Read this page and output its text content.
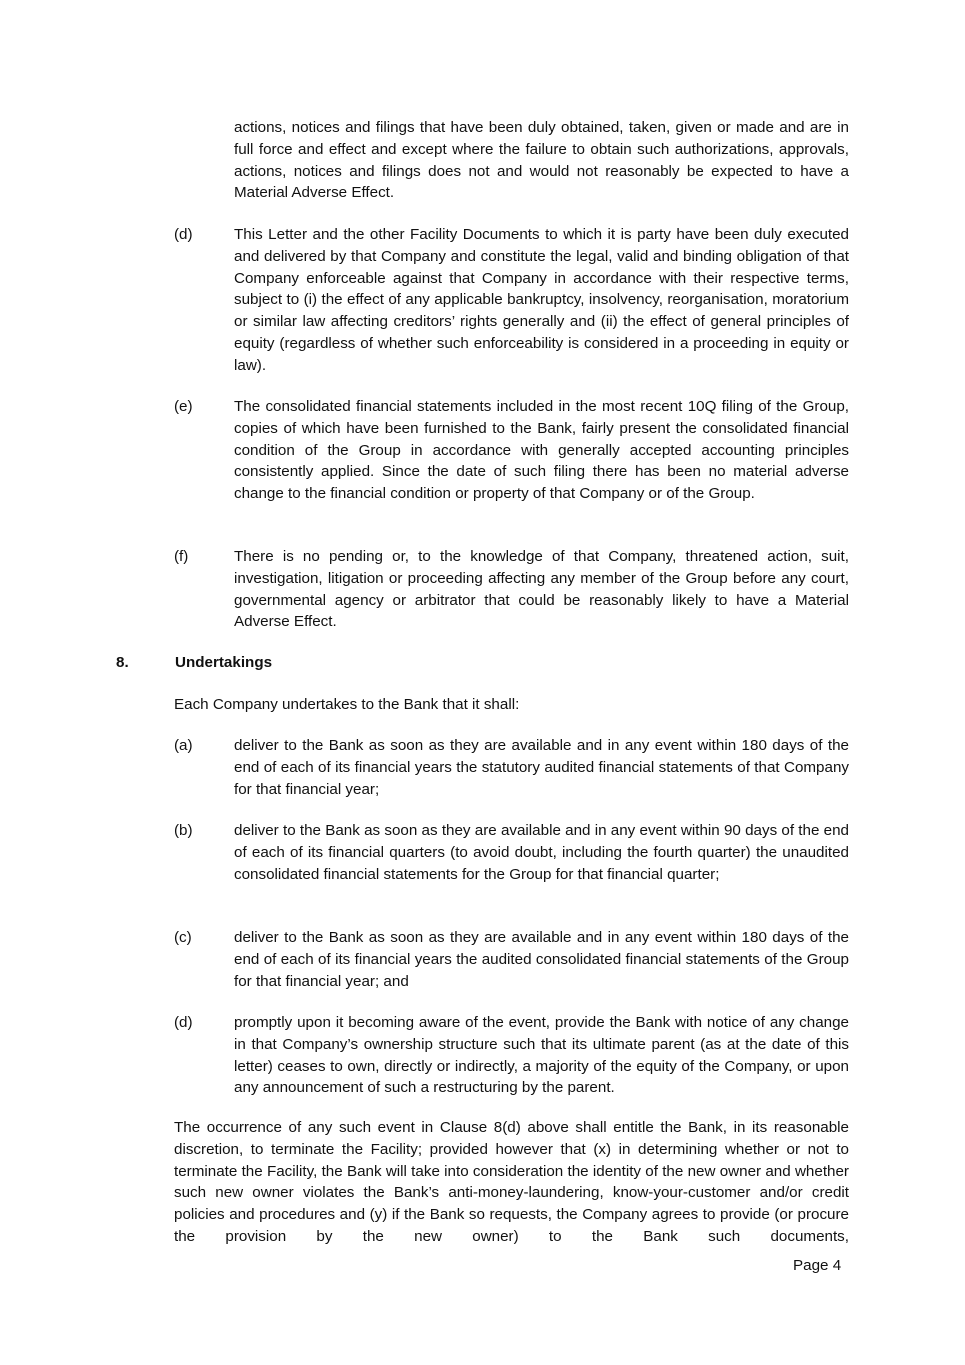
actions, notices and filings that have been duly obtained, taken, given or made and are in full force and effect and except where the failure to obtain such authorizations, approvals, actions, notices and filings does not and would not reasonably be expected to have a Material Adverse Effect.
(d)	This Letter and the other Facility Documents to which it is party have been duly executed and delivered by that Company and constitute the legal, valid and binding obligation of that Company enforceable against that Company in accordance with their respective terms, subject to (i) the effect of any applicable bankruptcy, insolvency, reorganisation, moratorium or similar law affecting creditors’ rights generally and (ii) the effect of general principles of equity (regardless of whether such enforceability is considered in a proceeding in equity or law).
(e)	The consolidated financial statements included in the most recent 10Q filing of the Group, copies of which have been furnished to the Bank, fairly present the consolidated financial condition of the Group in accordance with generally accepted accounting principles consistently applied. Since the date of such filing there has been no material adverse change to the financial condition or property of that Company or of the Group.
(f)	There is no pending or, to the knowledge of that Company, threatened action, suit, investigation, litigation or proceeding affecting any member of the Group before any court, governmental agency or arbitrator that could be reasonably likely to have a Material Adverse Effect.
8.	Undertakings
Each Company undertakes to the Bank that it shall:
(a)	deliver to the Bank as soon as they are available and in any event within 180 days of the end of each of its financial years the statutory audited financial statements of that Company for that financial year;
(b)	deliver to the Bank as soon as they are available and in any event within 90 days of the end of each of its financial quarters (to avoid doubt, including the fourth quarter) the unaudited consolidated financial statements for the Group for that financial quarter;
(c)	deliver to the Bank as soon as they are available and in any event within 180 days of the end of each of its financial years the audited consolidated financial statements of the Group for that financial year; and
(d)	promptly upon it becoming aware of the event, provide the Bank with notice of any change in that Company’s ownership structure such that its ultimate parent (as at the date of this letter) ceases to own, directly or indirectly, a majority of the equity of the Company, or upon any announcement of such a restructuring by the parent.
The occurrence of any such event in Clause 8(d) above shall entitle the Bank, in its reasonable discretion, to terminate the Facility; provided however that (x) in determining whether or not to terminate the Facility, the Bank will take into consideration the identity of the new owner and whether such new owner violates the Bank’s anti-money-laundering, know-your-customer and/or credit policies and procedures and (y) if the Bank so requests, the Company agrees to provide (or procure the provision by the new owner) to the Bank such documents,
Page 4
